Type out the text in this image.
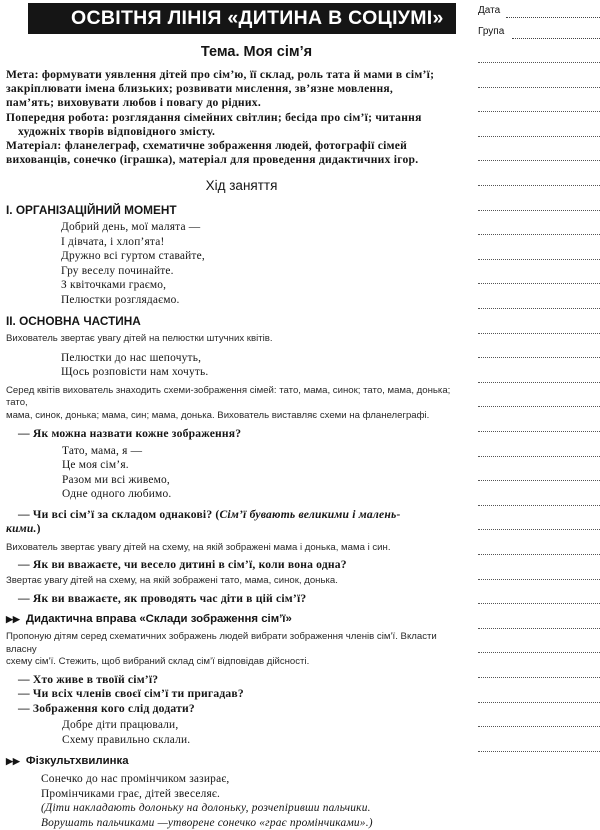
ОСВІТНЯ ЛІНІЯ «ДИТИНА В СОЦІУМІ»	Дата
Група
Тема. Моя сім’я

Мета: формувати уявлення дітей про сім’ю, її склад, роль тата й мами в сім’ї;

закріплювати імена близьких; розвивати мислення, зв’язне мовлення,

пам’ять; виховувати любов і повагу до рідних.

Попередня робота: розглядання сімейних світлин; бесіда про сім’ї; читання

художніх творів відповідного змісту.

Матеріал: фланелеграф, схематичне зображення людей, фотографії сімей

вихованців, сонечко (іграшка), матеріал для проведення дидактичних ігор.

Хід заняття
I. ОРГАНІЗАЦІЙНИЙ МОМЕНТ
Добрий день, мої малята —
І дівчата, і хлоп’ята!
Дружно всі гуртом ставайте,
Гру веселу починайте.
З квіточками граємо,
Пелюстки розглядаємо.
II. ОСНОВНА ЧАСТИНА

Вихователь звертає увагу дітей на пелюстки штучних квітів.

Пелюстки до нас шепочуть,
Щось розповісти нам хочуть.

Серед квітів вихователь знаходить схеми-зображення сімей: тато, мама, синок; тато, мама, донька; тато,

мама, синок, донька; мама, син; мама, донька. Вихователь виставляє схеми на фланелеграфі.

— Як можна назвати кожне зображення?

Тато, мама, я —
Це моя сім’я.
Разом ми всі живемо,
Одне одного любимо.

— Чи всі сім’ї за складом однакові? (Сім’ї бувають великими і малень-

кими.)

Вихователь звертає увагу дітей на схему, на якій зображені мама і донька, мама і син.

— Як ви вважаєте, чи весело дитині в сім’ї, коли вона одна?

Звертає увагу дітей на схему, на якій зображені тато, мама, синок, донька.

— Як ви вважаєте, як проводять час діти в цій сім’ї?

▶▶ Дидактична вправа «Склади зображення сім’ї»

Пропоную дітям серед схематичних зображень людей вибрати зображення членів сім’ї. Вкласти власну

схему сім’ї. Стежить, щоб вибраний склад сім’ї відповідав дійсності.

— Хто живе в твоїй сім’ї?

— Чи всіх членів своєї сім’ї ти пригадав?

— Зображення кого слід додати?

Добре діти працювали,
Схему правильно склали.

▶▶ Фізкультхвилинка

Сонечко до нас промінчиком зазирає,
Промінчиками грає, дітей звеселяє.
(Діти накладають долоньку на долоньку, розчепіривши пальчики.
Ворушать пальчиками —утворене сонечко «грає промінчиками».)
